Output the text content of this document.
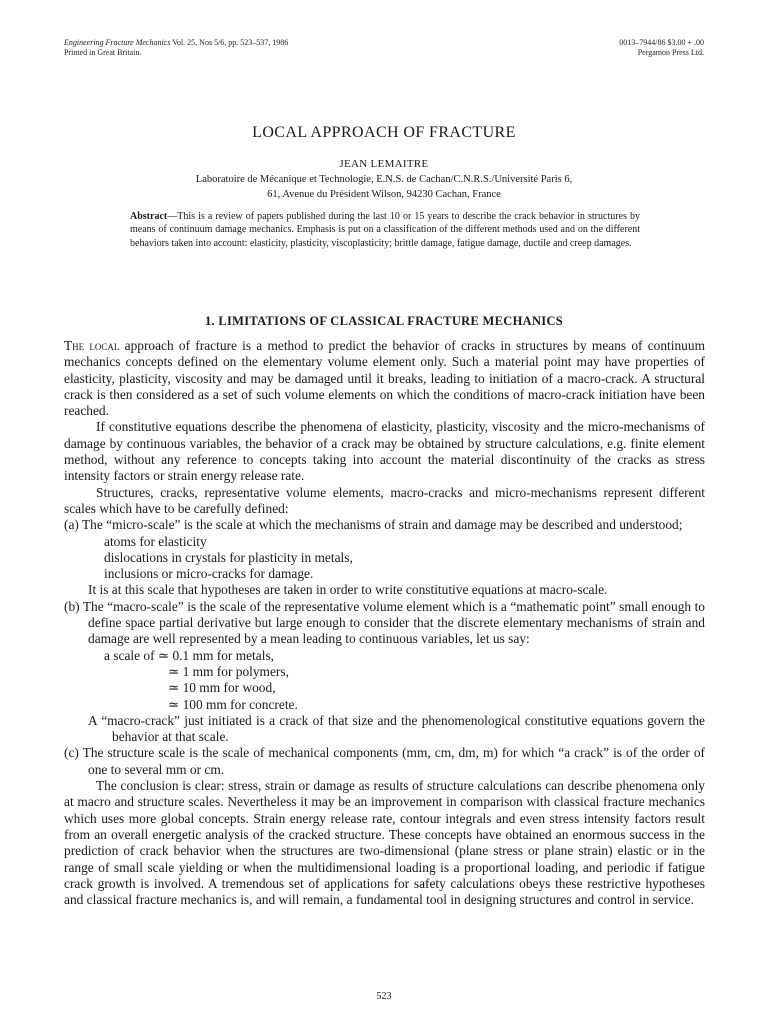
Engineering Fracture Mechanics Vol. 25, Nos 5/6, pp. 523–537, 1986
Printed in Great Britain.
0013–7944/86 $3.00 + .00
Pergamon Press Ltd.
LOCAL APPROACH OF FRACTURE
JEAN LEMAITRE
Laboratoire de Mécanique et Technologie, E.N.S. de Cachan/C.N.R.S./Université Paris 6,
61, Avenue du Président Wilson, 94230 Cachan, France
Abstract—This is a review of papers published during the last 10 or 15 years to describe the crack behavior in structures by means of continuum damage mechanics. Emphasis is put on a classification of the different methods used and on the different behaviors taken into account: elasticity, plasticity, viscoplasticity; brittle damage, fatigue damage, ductile and creep damages.
1. LIMITATIONS OF CLASSICAL FRACTURE MECHANICS

The local approach of fracture is a method to predict the behavior of cracks in structures by means of continuum mechanics concepts defined on the elementary volume element only. Such a material point may have properties of elasticity, plasticity, viscosity and may be damaged until it breaks, leading to initiation of a macro-crack. A structural crack is then considered as a set of such volume elements on which the conditions of macro-crack initiation have been reached.

If constitutive equations describe the phenomena of elasticity, plasticity, viscosity and the micro-mechanisms of damage by continuous variables, the behavior of a crack may be obtained by structure calculations, e.g. finite element method, without any reference to concepts taking into account the material discontinuity of the cracks as stress intensity factors or strain energy release rate.

Structures, cracks, representative volume elements, macro-cracks and micro-mechanisms represent different scales which have to be carefully defined:

(a) The “micro-scale” is the scale at which the mechanisms of strain and damage may be described and understood;

atoms for elasticity

dislocations in crystals for plasticity in metals,

inclusions or micro-cracks for damage.

It is at this scale that hypotheses are taken in order to write constitutive equations at macro-scale.

(b) The “macro-scale” is the scale of the representative volume element which is a “mathematic point” small enough to define space partial derivative but large enough to consider that the discrete elementary mechanisms of strain and damage are well represented by a mean leading to continuous variables, let us say:

a scale of ≃ 0.1 mm for metals,

≃ 1 mm for polymers,

≃ 10 mm for wood,

≃ 100 mm for concrete.

A “macro-crack” just initiated is a crack of that size and the phenomenological constitutive equations govern the behavior at that scale.

(c) The structure scale is the scale of mechanical components (mm, cm, dm, m) for which “a crack” is of the order of one to several mm or cm.

The conclusion is clear: stress, strain or damage as results of structure calculations can describe phenomena only at macro and structure scales. Nevertheless it may be an improvement in comparison with classical fracture mechanics which uses more global concepts. Strain energy release rate, contour integrals and even stress intensity factors result from an overall energetic analysis of the cracked structure. These concepts have obtained an enormous success in the prediction of crack behavior when the structures are two-dimensional (plane stress or plane strain) elastic or in the range of small scale yielding or when the multidimensional loading is a proportional loading, and periodic if fatigue crack growth is involved. A tremendous set of applications for safety calculations obeys these restrictive hypotheses and classical fracture mechanics is, and will remain, a fundamental tool in designing structures and control in service.

523
